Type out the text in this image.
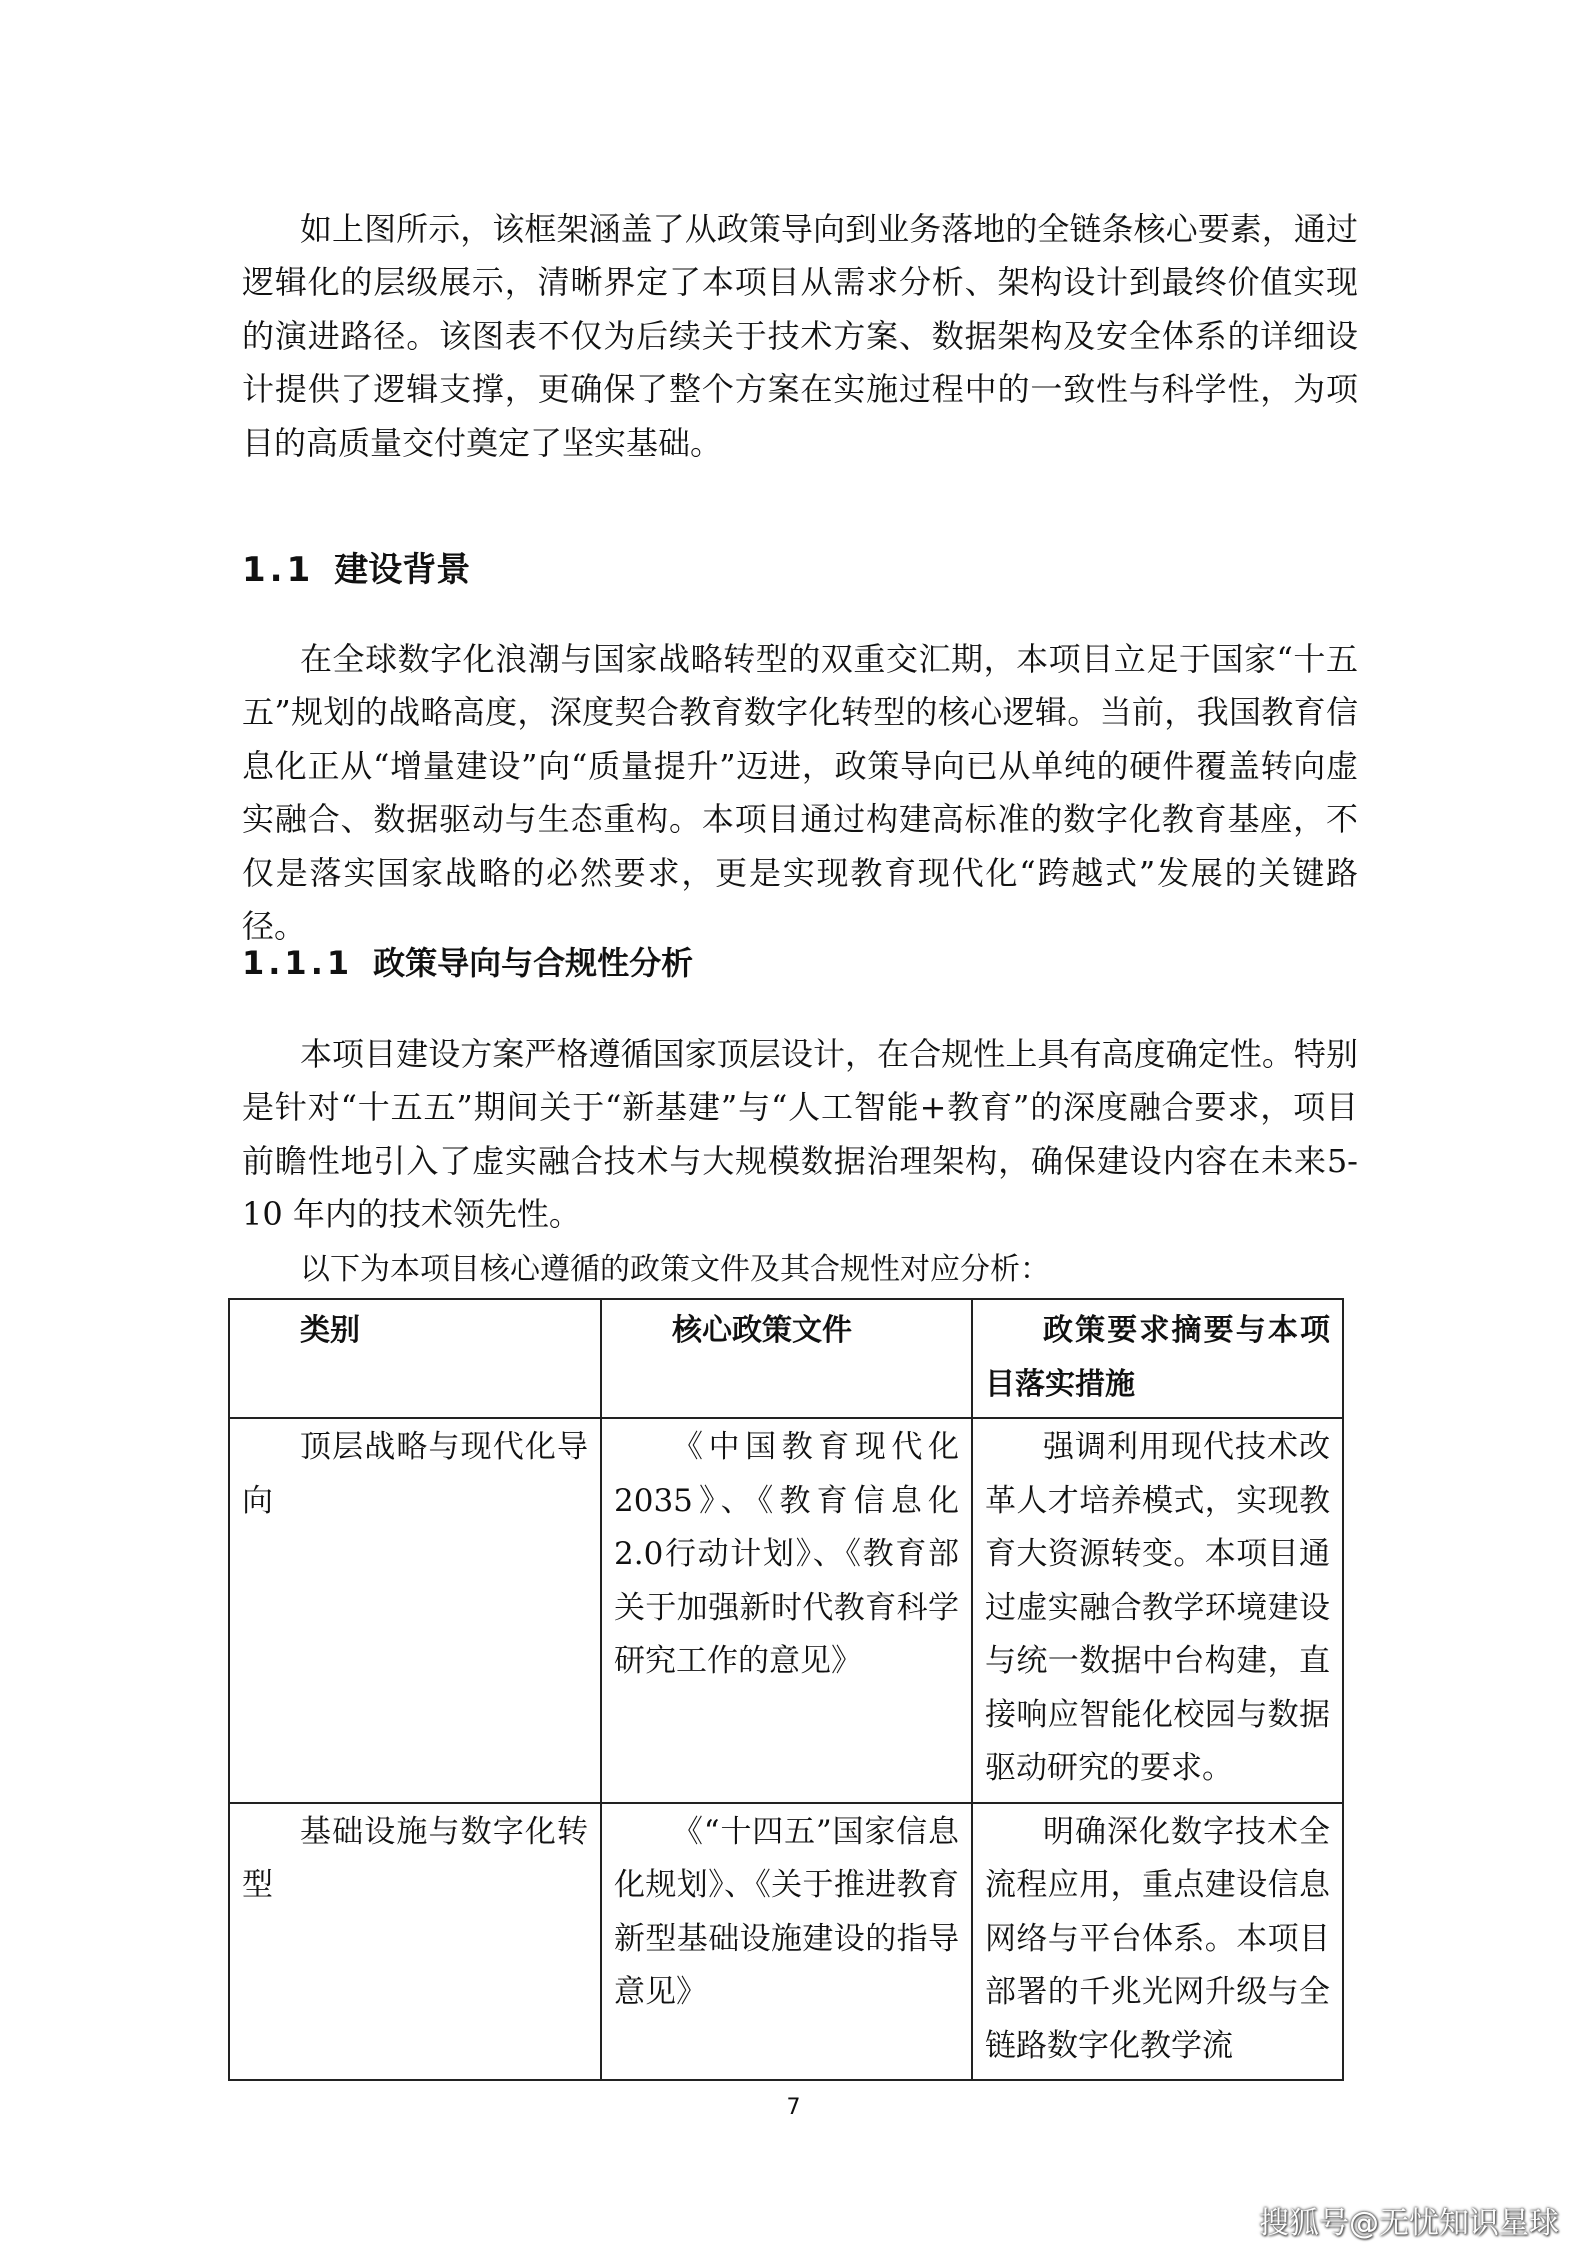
如上图所示，该框架涵盖了从政策导向到业务落地的全链条核心要素，通过逻辑化的层级展示，清晰界定了本项目从需求分析、架构设计到最终价值实现的演进路径。该图表不仅为后续关于技术方案、数据架构及安全体系的详细设计提供了逻辑支撑，更确保了整个方案在实施过程中的一致性与科学性，为项目的高质量交付奠定了坚实基础。

1.1 建设背景

在全球数字化浪潮与国家战略转型的双重交汇期，本项目立足于国家“十五五”规划的战略高度，深度契合教育数字化转型的核心逻辑。当前，我国教育信息化正从“增量建设”向“质量提升”迈进，政策导向已从单纯的硬件覆盖转向虚实融合、数据驱动与生态重构。本项目通过构建高标准的数字化教育基座，不仅是落实国家战略的必然要求，更是实现教育现代化“跨越式”发展的关键路径。

1.1.1 政策导向与合规性分析

本项目建设方案严格遵循国家顶层设计，在合规性上具有高度确定性。特别是针对“十五五”期间关于“新基建”与“人工智能+教育”的深度融合要求，项目前瞻性地引入了虚实融合技术与大规模数据治理架构，确保建设内容在未来5-10 年内的技术领先性。

以下为本项目核心遵循的政策文件及其合规性对应分析：

类别	核心政策文件	政策要求摘要与本项目落实措施
顶层战略与现代化导向	《中国教育现代化2035》、《教育信息化2.0行动计划》、《教育部关于加强新时代教育科学研究工作的意见》	强调利用现代技术改革人才培养模式，实现教育大资源转变。本项目通过虚实融合教学环境建设与统一数据中台构建，直接响应智能化校园与数据驱动研究的要求。
基础设施与数字化转型	《“十四五”国家信息化规划》、《关于推进教育新型基础设施建设的指导意见》	明确深化数字技术全流程应用，重点建设信息网络与平台体系。本项目部署的千兆光网升级与全链路数字化教学流
7
搜狐号@无忧知识星球
